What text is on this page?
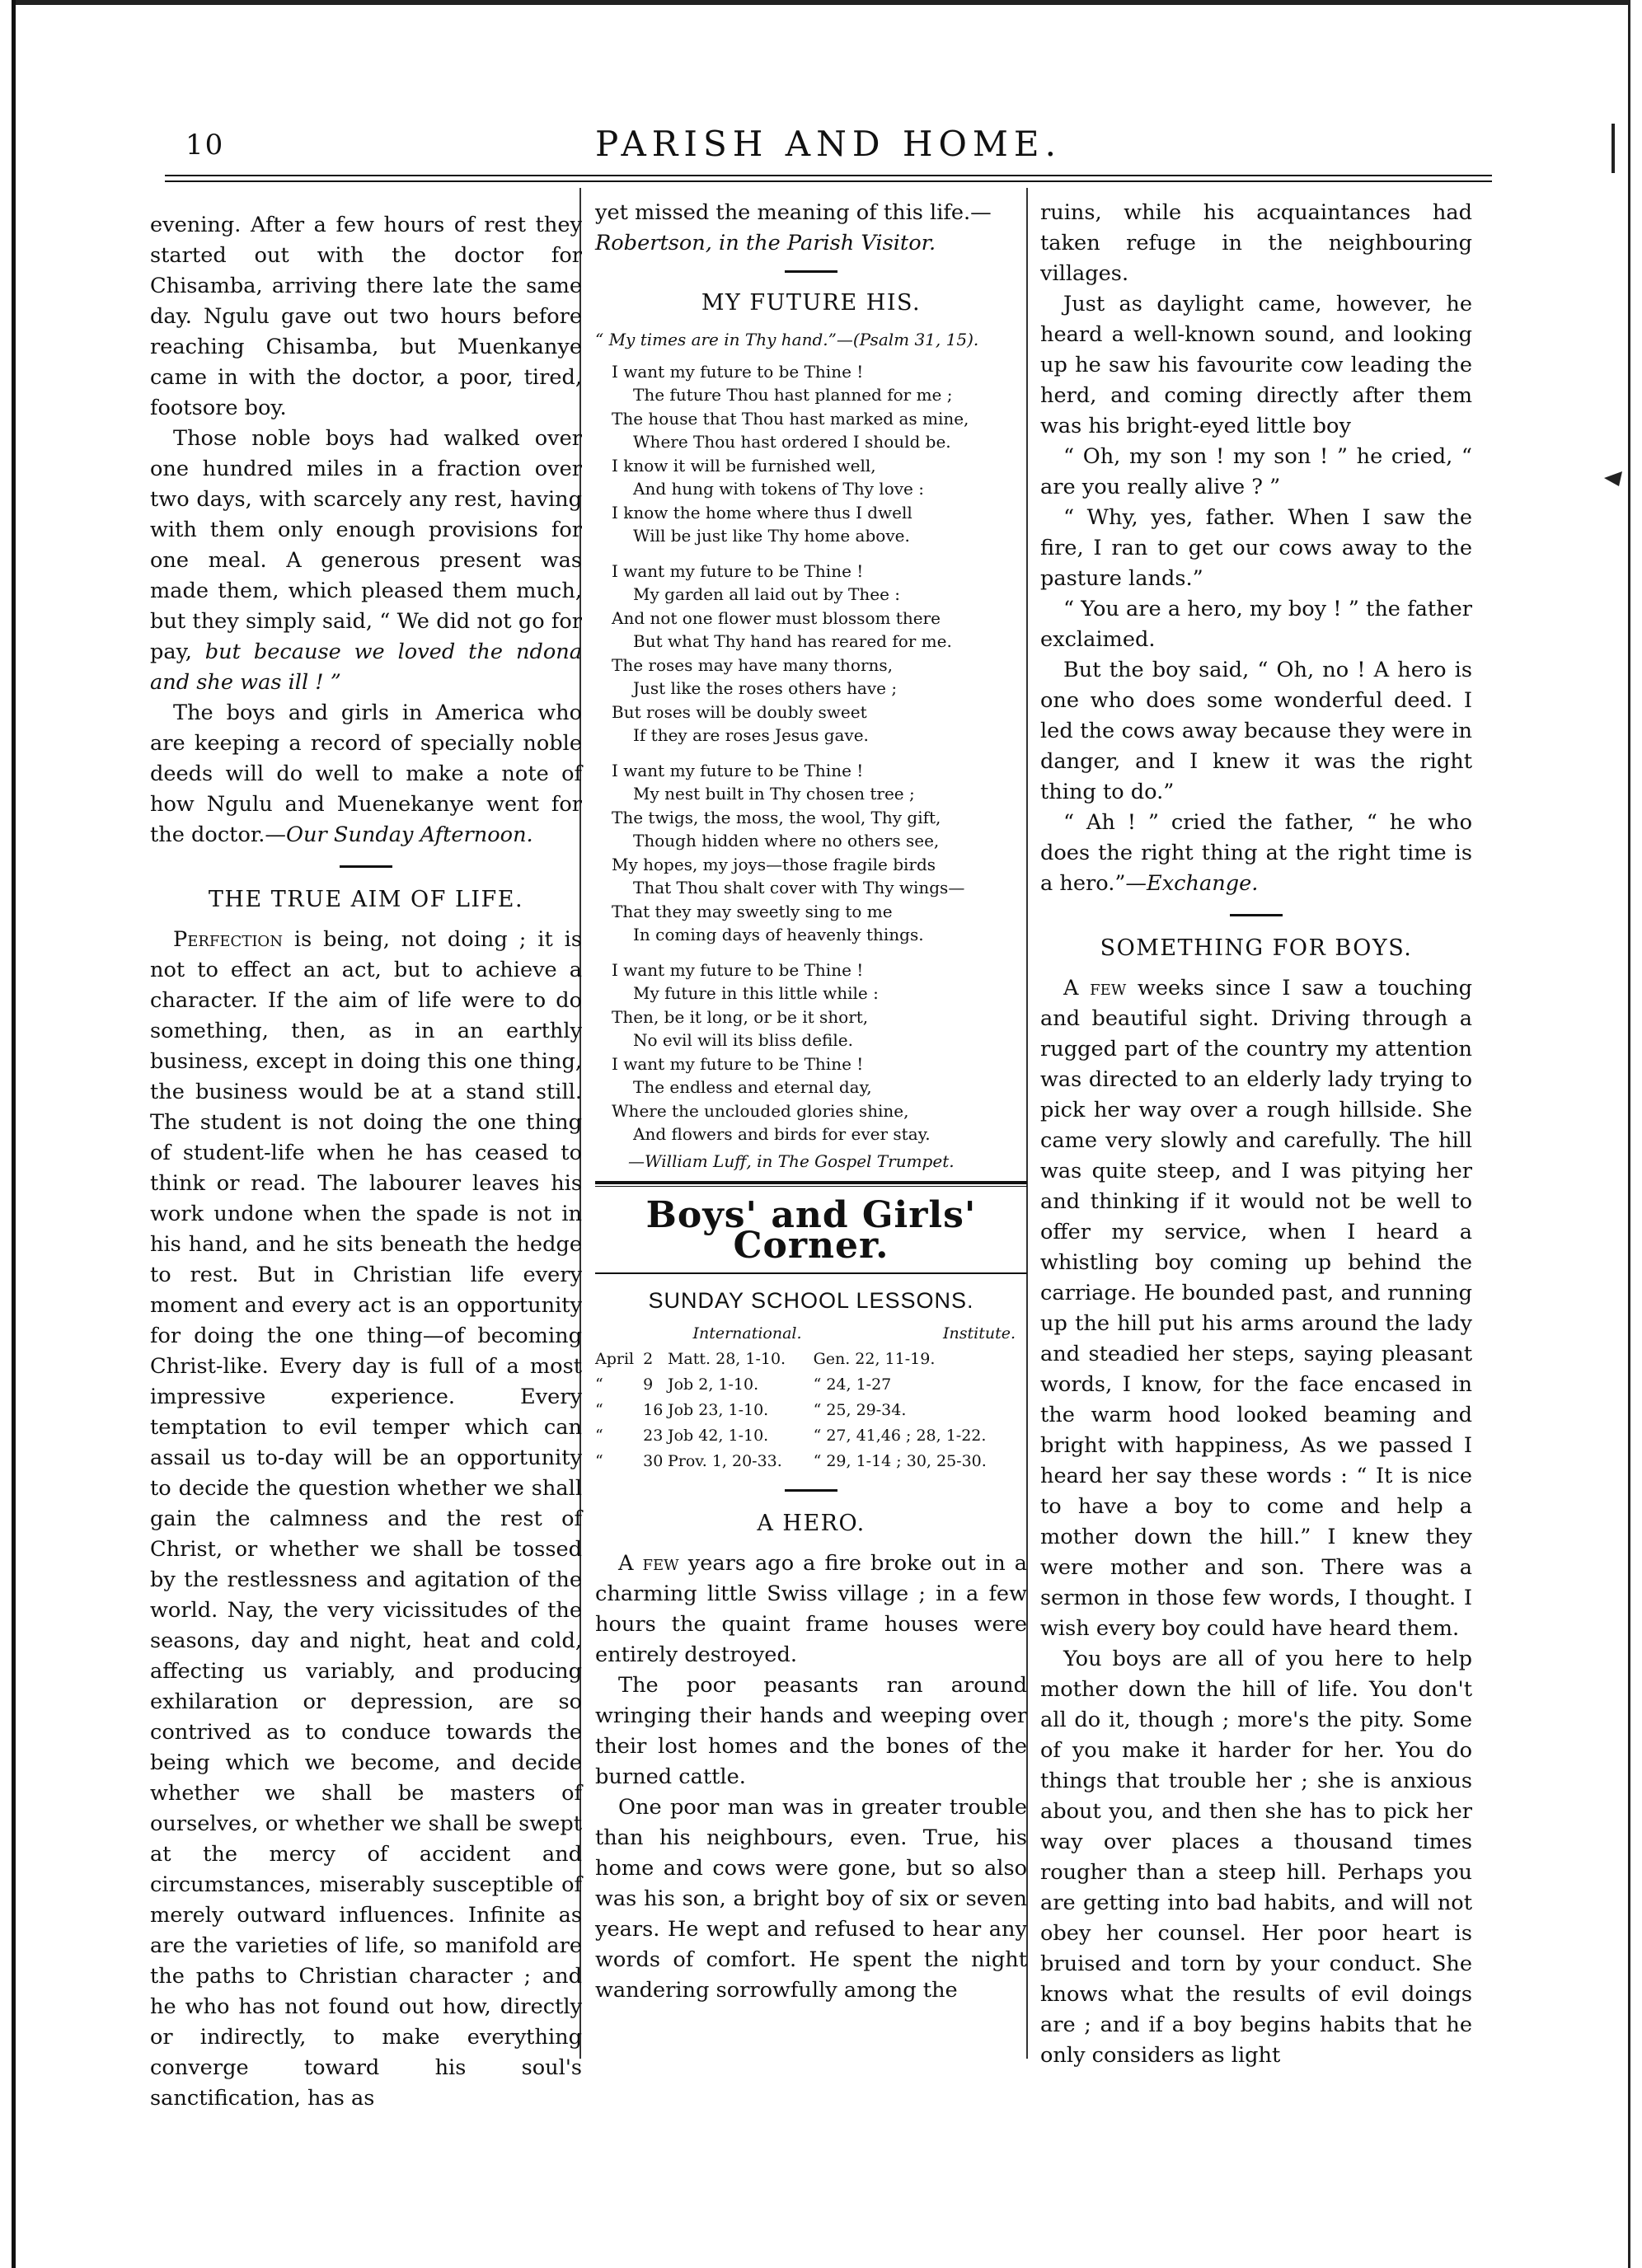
10	PARISH AND HOME.

evening. After a few hours of rest they started out with the doctor for Chisamba, arriving there late the same day. Ngulu gave out two hours before reaching Chisamba, but Muenkanye came in with the doctor, a poor, tired, footsore boy.

Those noble boys had walked over one hundred miles in a fraction over two days, with scarcely any rest, having with them only enough provisions for one meal. A generous present was made them, which pleased them much, but they simply said, “ We did not go for pay, but because we loved the ndona and she was ill ! ”

The boys and girls in America who are keeping a record of specially noble deeds will do well to make a note of how Ngulu and Muenekanye went for the doctor.—Our Sunday Afternoon.

THE TRUE AIM OF LIFE.

Perfection is being, not doing ; it is not to effect an act, but to achieve a character. If the aim of life were to do something, then, as in an earthly business, except in doing this one thing, the business would be at a stand still. The student is not doing the one thing of student-life when he has ceased to think or read. The labourer leaves his work undone when the spade is not in his hand, and he sits beneath the hedge to rest. But in Christian life every moment and every act is an opportunity for doing the one thing—of becoming Christ-like. Every day is full of a most impressive experience. Every temptation to evil temper which can assail us to-day will be an opportunity to decide the question whether we shall gain the calmness and the rest of Christ, or whether we shall be tossed by the restlessness and agitation of the world. Nay, the very vicissitudes of the seasons, day and night, heat and cold, affecting us variably, and producing exhilaration or depression, are so contrived as to conduce towards the being which we become, and decide whether we shall be masters of ourselves, or whether we shall be swept at the mercy of accident and circumstances, miserably susceptible of merely outward influences. Infinite as are the varieties of life, so manifold are the paths to Christian character ; and he who has not found out how, directly or indirectly, to make everything converge toward his soul's sanctification, has as

yet missed the meaning of this life.—
Robertson, in the Parish Visitor.

MY FUTURE HIS.
“ My times are in Thy hand.”—(Psalm 31, 15).
I want my future to be Thine !
The future Thou hast planned for me ;
The house that Thou hast marked as mine,
Where Thou hast ordered I should be.
I know it will be furnished well,
And hung with tokens of Thy love :
I know the home where thus I dwell
Will be just like Thy home above.
I want my future to be Thine !
My garden all laid out by Thee :
And not one flower must blossom there
But what Thy hand has reared for me.
The roses may have many thorns,
Just like the roses others have ;
But roses will be doubly sweet
If they are roses Jesus gave.
I want my future to be Thine !
My nest built in Thy chosen tree ;
The twigs, the moss, the wool, Thy gift,
Though hidden where no others see,
My hopes, my joys—those fragile birds
That Thou shalt cover with Thy wings—
That they may sweetly sing to me
In coming days of heavenly things.
I want my future to be Thine !
My future in this little while :
Then, be it long, or be it short,
No evil will its bliss defile.
I want my future to be Thine !
The endless and eternal day,
Where the unclouded glories shine,
And flowers and birds for ever stay.
—William Luff, in The Gospel Trumpet.
Boys' and Girls' Corner.
SUNDAY SCHOOL LESSONS.
International.			Institute.
April	2	Matt. 28, 1-10.	Gen. 22, 11-19.
“	9	Job 2, 1-10.	“ 24, 1-27
“	16	Job 23, 1-10.	“ 25, 29-34.
“	23	Job 42, 1-10.	“ 27, 41,46 ; 28, 1-22.
“	30	Prov. 1, 20-33.	“ 29, 1-14 ; 30, 25-30.
A HERO.

A few years ago a fire broke out in a charming little Swiss village ; in a few hours the quaint frame houses were entirely destroyed.

The poor peasants ran around wringing their hands and weeping over their lost homes and the bones of the burned cattle.

One poor man was in greater trouble than his neighbours, even. True, his home and cows were gone, but so also was his son, a bright boy of six or seven years. He wept and refused to hear any words of comfort. He spent the night wandering sorrowfully among the

ruins, while his acquaintances had taken refuge in the neighbouring villages.

Just as daylight came, however, he heard a well-known sound, and looking up he saw his favourite cow leading the herd, and coming directly after them was his bright-eyed little boy

“ Oh, my son ! my son ! ” he cried, “ are you really alive ? ”

“ Why, yes, father. When I saw the fire, I ran to get our cows away to the pasture lands.”

“ You are a hero, my boy ! ” the father exclaimed.

But the boy said, “ Oh, no ! A hero is one who does some wonderful deed. I led the cows away because they were in danger, and I knew it was the right thing to do.”

“ Ah ! ” cried the father, “ he who does the right thing at the right time is a hero.”—Exchange.

SOMETHING FOR BOYS.

A few weeks since I saw a touching and beautiful sight. Driving through a rugged part of the country my attention was directed to an elderly lady trying to pick her way over a rough hillside. She came very slowly and carefully. The hill was quite steep, and I was pitying her and thinking if it would not be well to offer my service, when I heard a whistling boy coming up behind the carriage. He bounded past, and running up the hill put his arms around the lady and steadied her steps, saying pleasant words, I know, for the face encased in the warm hood looked beaming and bright with happiness, As we passed I heard her say these words : “ It is nice to have a boy to come and help a mother down the hill.” I knew they were mother and son. There was a sermon in those few words, I thought. I wish every boy could have heard them.

You boys are all of you here to help mother down the hill of life. You don't all do it, though ; more's the pity. Some of you make it harder for her. You do things that trouble her ; she is anxious about you, and then she has to pick her way over places a thousand times rougher than a steep hill. Perhaps you are getting into bad habits, and will not obey her counsel. Her poor heart is bruised and torn by your conduct. She knows what the results of evil doings are ; and if a boy begins habits that he only considers as light
